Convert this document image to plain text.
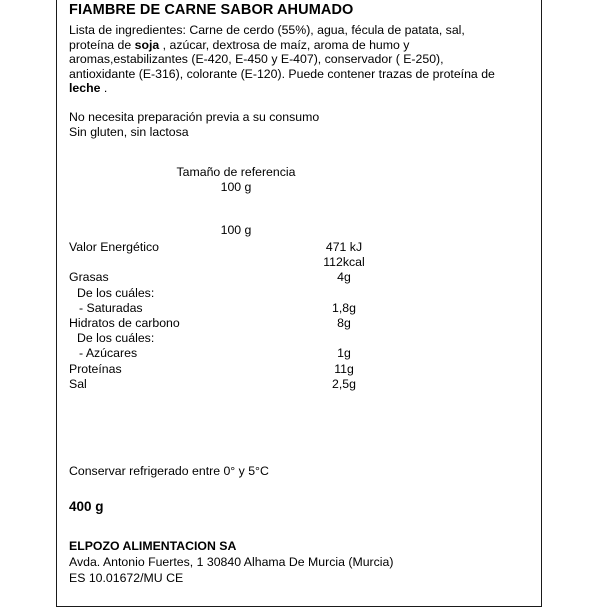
FIAMBRE DE CARNE SABOR AHUMADO
Lista de ingredientes: Carne de cerdo (55%), agua, fécula de patata, sal,
proteína de soja , azúcar, dextrosa de maíz, aroma de humo y
aromas,estabilizantes (E-420, E-450 y E-407), conservador ( E-250),
antioxidante (E-316), colorante (E-120). Puede contener trazas de proteína de
leche .
No necesita preparación previa a su consumo
Sin gluten, sin lactosa
Tamaño de referencia
100 g
100 g
Valor Energético	471 kJ
	112kcal
Grasas	4g
De los cuáles:	
- Saturadas	1,8g
Hidratos de carbono	8g
De los cuáles:	
- Azúcares	1g
Proteínas	11g
Sal	2,5g
Conservar refrigerado entre 0° y 5°C
400 g
ELPOZO ALIMENTACION SA
Avda. Antonio Fuertes, 1 30840 Alhama De Murcia (Murcia)
ES 10.01672/MU CE
